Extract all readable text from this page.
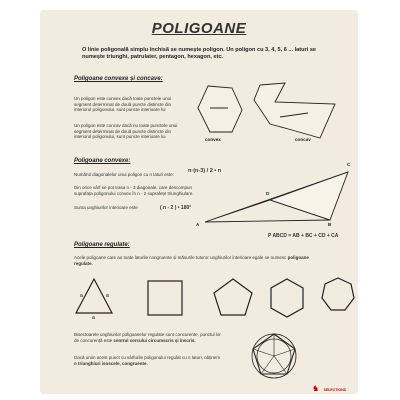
POLIGOANE
O linie poligonală simplu închisă se numește poligon. Un poligon cu 3, 4, 5, 6 ... laturi se numește triunghi, patrulater, pentagon, hexagon, etc.
Poligoane convexe și concave:
Un poligon este convex dacă toate punctele unui segment determinat de două puncte distincte din interiorul poligonului, sunt puncte interioare lui
Un poligon este concav dacă nu toate punctele unui segment determinat de două puncte distincte din interiorul poligonului, sunt puncte interioare lui
convex	concav
Poligoane convexe:
Numărul diagonalelor unui poligon cu n laturi este:
n·(n-3) / 2 • n
Din orice vârf se pot trasa n - 3 diagonale, care descompun suprafața poligonului convex în n - 2 suprafețe triunghiulare.
Suma unghiurilor interioare este	( n - 2 ) • 180°
A	B
C
D
P ABCD = AB + BC + CD + CA
Poligoane regulate:
Acele poligoane care au toate laturile congruente și măsurile tuturor unghiurilor interioare egale se numesc poligoane regulate.
a	a
a
Bisectoarele unghiurilor poligoanelor regulate sunt concurente, punctul lor de concurență este centrul cercului circumscris și înscris.
Dacă unim acest punct cu vârfurile poligonului regulat cu n laturi, obținem n triunghiuri isoscele, congruente.
♞ SELECTIONS
